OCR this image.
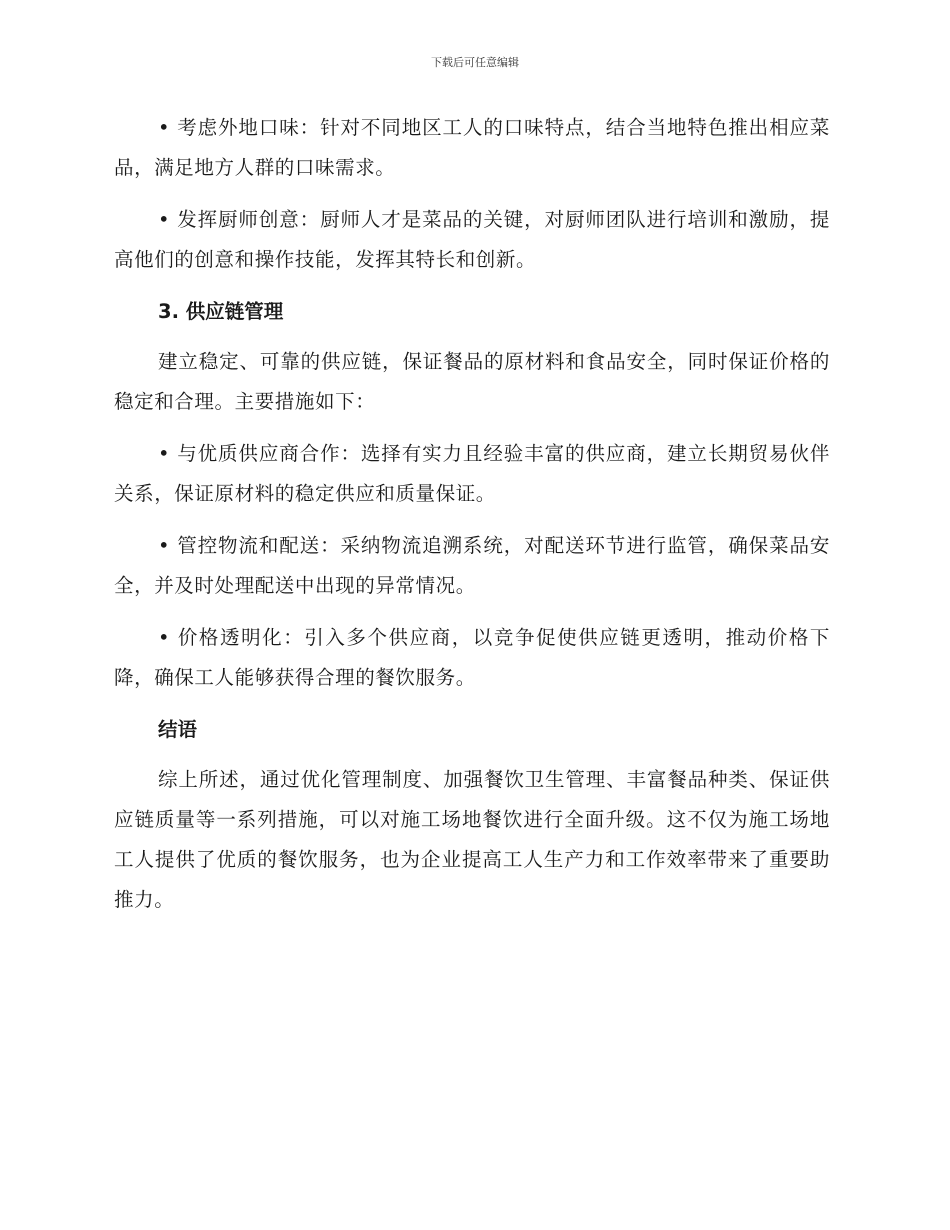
下载后可任意编辑

• 考虑外地口味：针对不同地区工人的口味特点，结合当地特色推出相应菜品，满足地方人群的口味需求。

• 发挥厨师创意：厨师人才是菜品的关键，对厨师团队进行培训和激励，提高他们的创意和操作技能，发挥其特长和创新。

3. 供应链管理

建立稳定、可靠的供应链，保证餐品的原材料和食品安全，同时保证价格的稳定和合理。主要措施如下：

• 与优质供应商合作：选择有实力且经验丰富的供应商，建立长期贸易伙伴关系，保证原材料的稳定供应和质量保证。

• 管控物流和配送：采纳物流追溯系统，对配送环节进行监管，确保菜品安全，并及时处理配送中出现的异常情况。

• 价格透明化：引入多个供应商，以竞争促使供应链更透明，推动价格下降，确保工人能够获得合理的餐饮服务。

结语

综上所述，通过优化管理制度、加强餐饮卫生管理、丰富餐品种类、保证供应链质量等一系列措施，可以对施工场地餐饮进行全面升级。这不仅为施工场地工人提供了优质的餐饮服务，也为企业提高工人生产力和工作效率带来了重要助推力。
